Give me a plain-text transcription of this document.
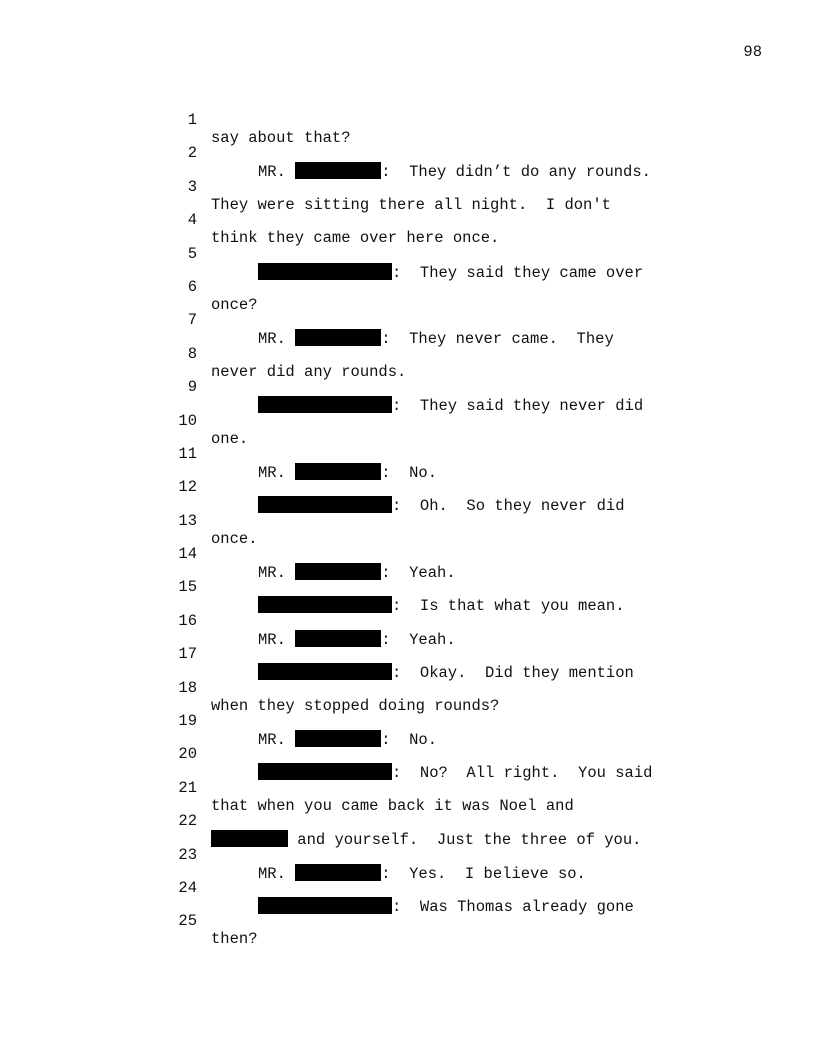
98

1

say about that?

2

MR.	:  They didn’t do any rounds.

3

They were sitting there all night.  I don't

4

think they came over here once.

5

:  They said they came over

6

once?

7

MR.	:  They never came.  They

8

never did any rounds.

9

:  They said they never did

10

one.

11

MR.	:  No.

12

:  Oh.  So they never did

13

once.

14

MR.	:  Yeah.

15

:  Is that what you mean.

16

MR.	:  Yeah.

17

:  Okay.  Did they mention

18

when they stopped doing rounds?

19

MR.	:  No.

20

:  No?  All right.  You said

21

that when you came back it was Noel and

22

and yourself.  Just the three of you.

23

MR.	:  Yes.  I believe so.

24

:  Was Thomas already gone

25

then?
